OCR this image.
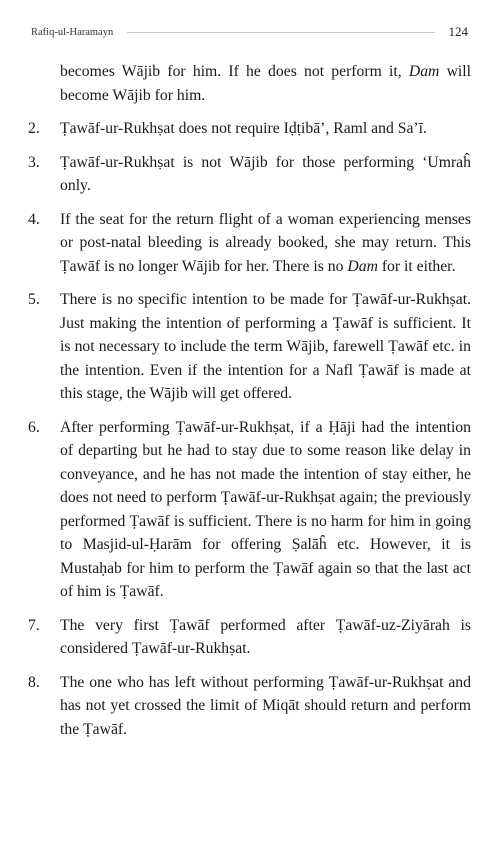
Rafiq-ul-Haramayn	124

becomes Wājib for him. If he does not perform it, Dam will become Wājib for him.

2.	Ṭawāf-ur-Rukhṣat does not require Iḍṭibā’, Raml and Sa’ī.
3.	Ṭawāf-ur-Rukhṣat is not Wājib for those performing ‘Umraĥ only.
4.	If the seat for the return flight of a woman experiencing menses or post-natal bleeding is already booked, she may return. This Ṭawāf is no longer Wājib for her. There is no Dam for it either.
5.	There is no specific intention to be made for Ṭawāf-ur-Rukhṣat. Just making the intention of performing a Ṭawāf is sufficient. It is not necessary to include the term Wājib, farewell Ṭawāf etc. in the intention. Even if the intention for a Nafl Ṭawāf is made at this stage, the Wājib will get offered.
6.	After performing Ṭawāf-ur-Rukhṣat, if a Ḥāji had the intention of departing but he had to stay due to some reason like delay in conveyance, and he has not made the intention of stay either, he does not need to perform Ṭawāf-ur-Rukhṣat again; the previously performed Ṭawāf is sufficient. There is no harm for him in going to Masjid-ul-Ḥarām for offering Ṣalāĥ etc. However, it is Mustaḥab for him to perform the Ṭawāf again so that the last act of him is Ṭawāf.
7.	The very first Ṭawāf performed after Ṭawāf-uz-Ziyārah is considered Ṭawāf-ur-Rukhṣat.
8.	The one who has left without performing Ṭawāf-ur-Rukhṣat and has not yet crossed the limit of Miqāt should return and perform the Ṭawāf.
